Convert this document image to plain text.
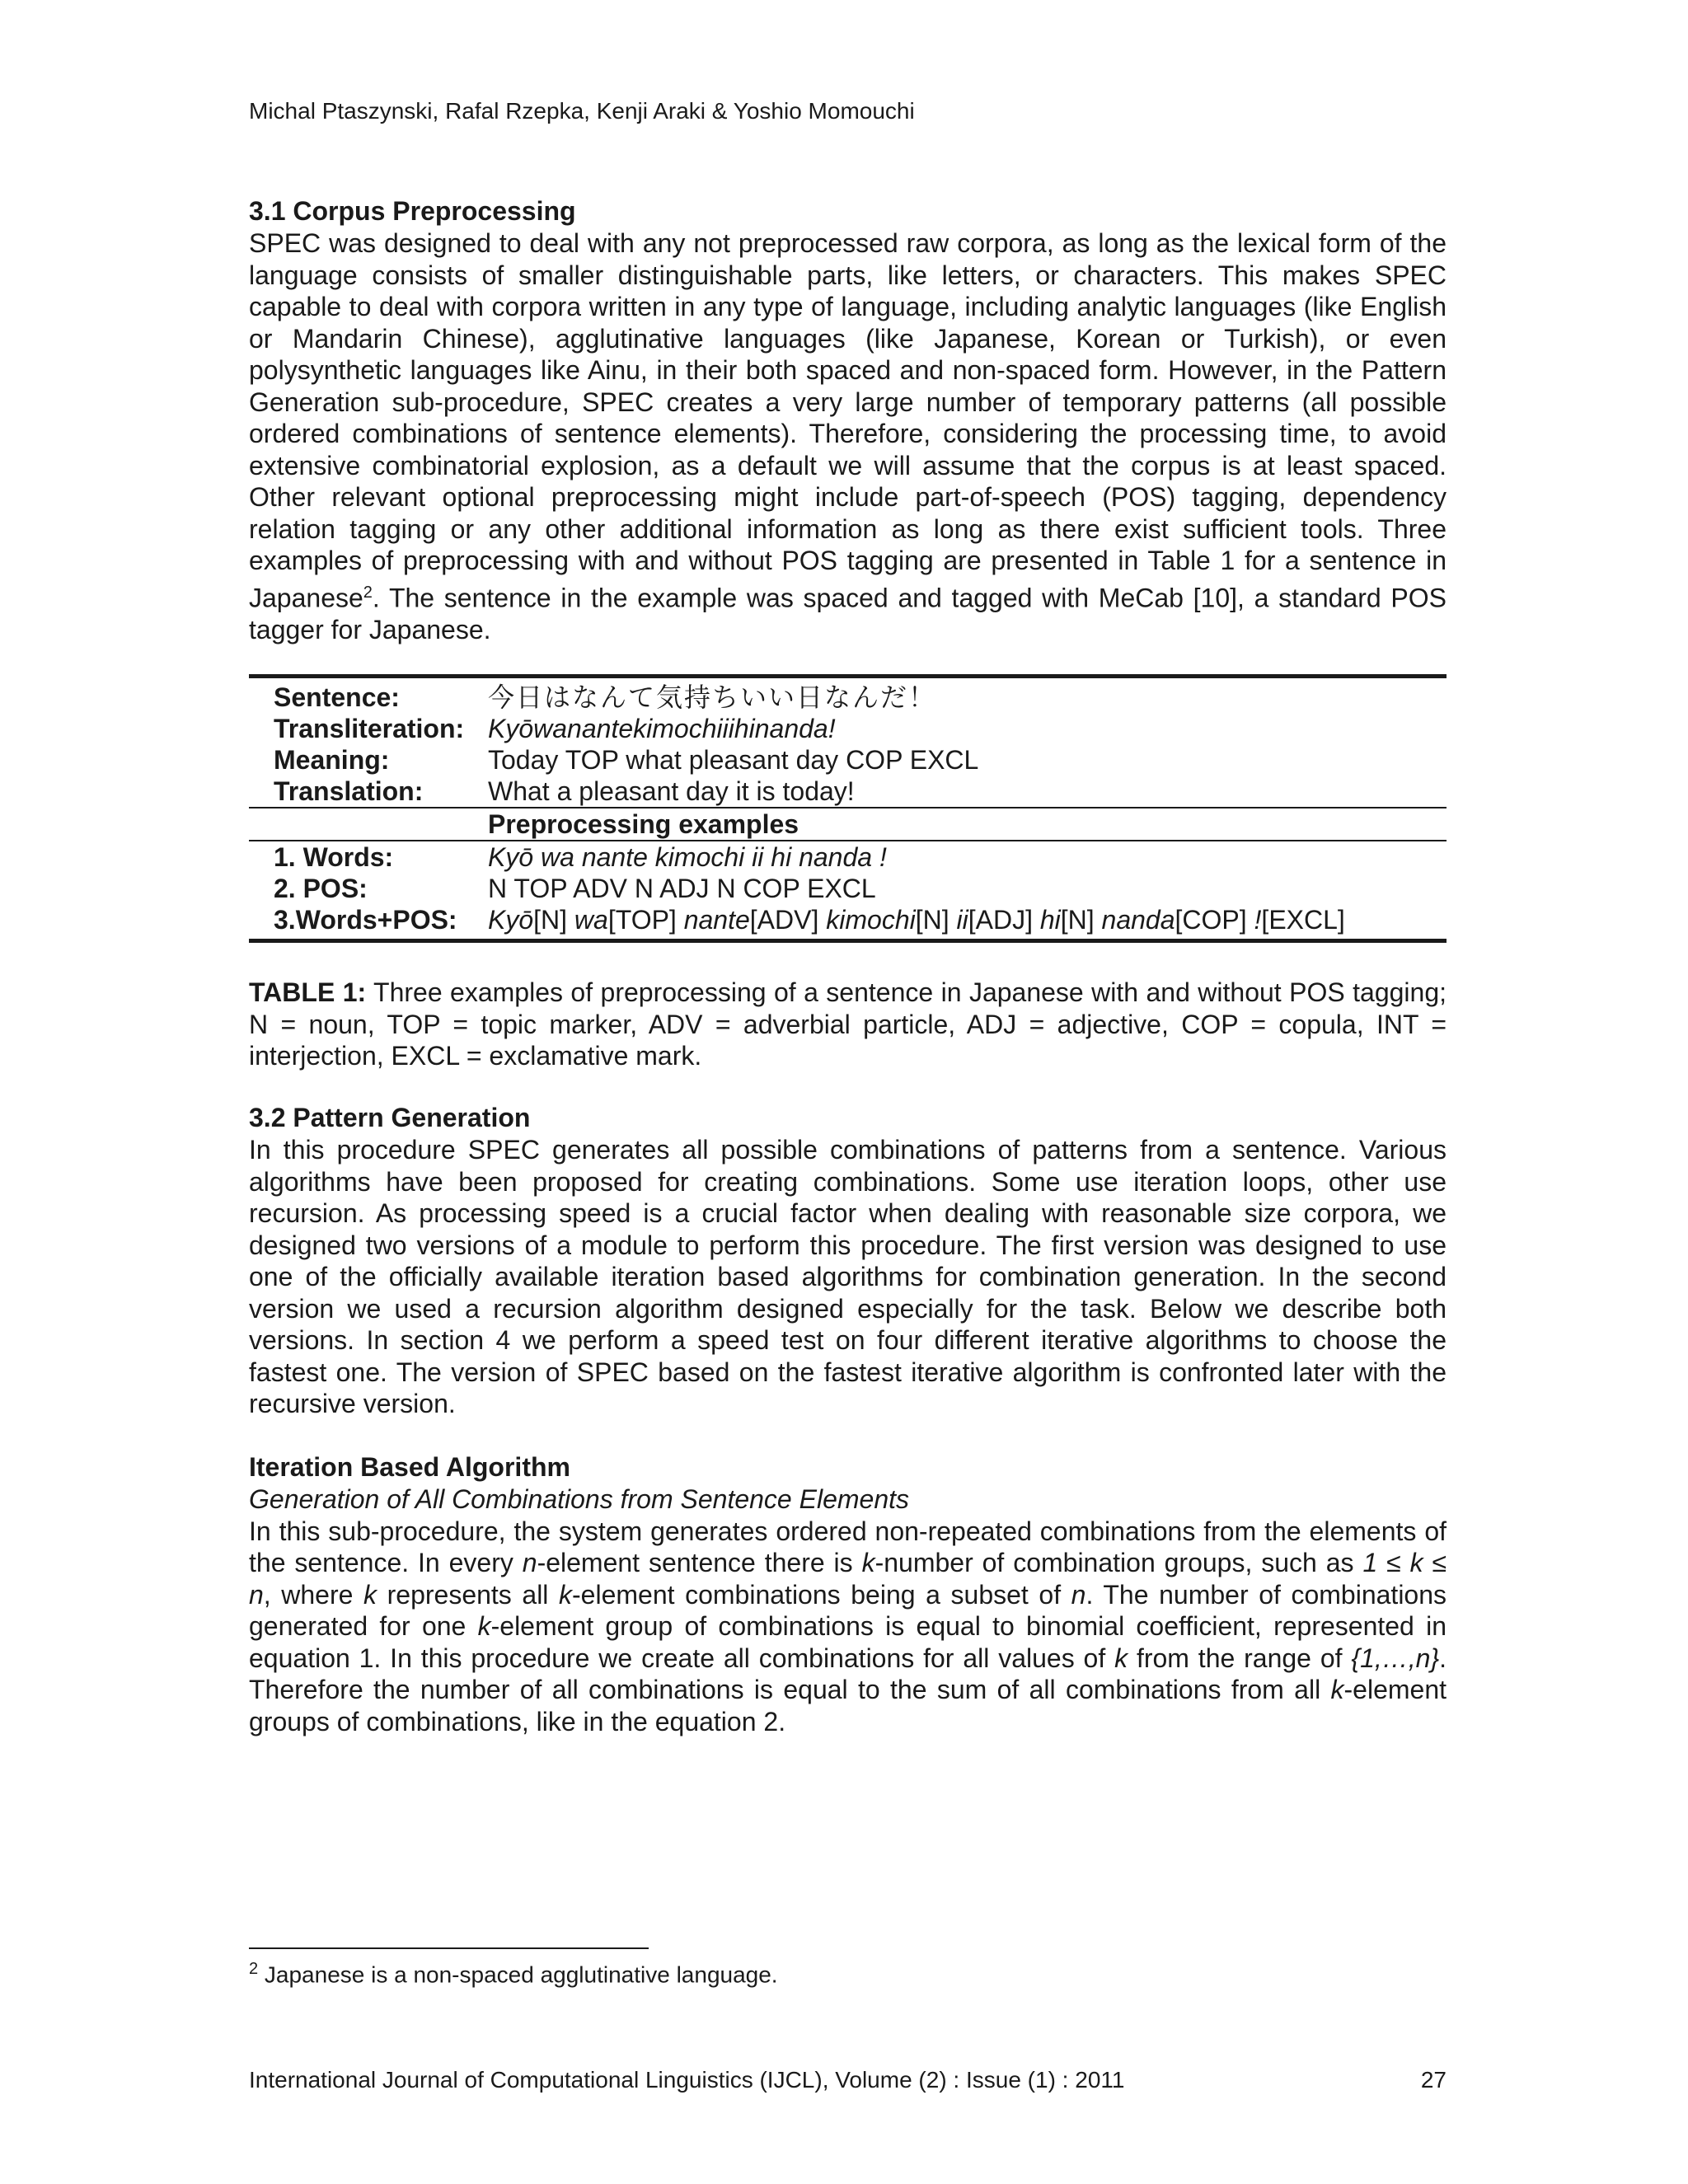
Michal Ptaszynski, Rafal Rzepka, Kenji Araki & Yoshio Momouchi

3.1 Corpus Preprocessing

SPEC was designed to deal with any not preprocessed raw corpora, as long as the lexical form of the language consists of smaller distinguishable parts, like letters, or characters. This makes SPEC capable to deal with corpora written in any type of language, including analytic languages (like English or Mandarin Chinese), agglutinative languages (like Japanese, Korean or Turkish), or even polysynthetic languages like Ainu, in their both spaced and non-spaced form. However, in the Pattern Generation sub-procedure, SPEC creates a very large number of temporary patterns (all possible ordered combinations of sentence elements). Therefore, considering the processing time, to avoid extensive combinatorial explosion, as a default we will assume that the corpus is at least spaced. Other relevant optional preprocessing might include part-of-speech (POS) tagging, dependency relation tagging or any other additional information as long as there exist sufficient tools. Three examples of preprocessing with and without POS tagging are presented in Table 1 for a sentence in Japanese$^2$. The sentence in the example was spaced and tagged with MeCab [10], a standard POS tagger for Japanese.

Sentence:	今日はなんて気持ちいい日なんだ！
Transliteration:	Kyōwanantekimochiiihinanda!
Meaning:	Today TOP what pleasant day COP EXCL
Translation:	What a pleasant day it is today!
	Preprocessing examples
1. Words:	Kyō wa nante kimochi ii hi nanda !
2. POS:	N TOP ADV N ADJ N COP EXCL
3.Words+POS:	Kyō[N] wa[TOP] nante[ADV] kimochi[N] ii[ADJ] hi[N] nanda[COP] ![EXCL]

TABLE 1: Three examples of preprocessing of a sentence in Japanese with and without POS tagging; N = noun, TOP = topic marker, ADV = adverbial particle, ADJ = adjective, COP = copula, INT = interjection, EXCL = exclamative mark.

3.2 Pattern Generation

In this procedure SPEC generates all possible combinations of patterns from a sentence. Various algorithms have been proposed for creating combinations. Some use iteration loops, other use recursion. As processing speed is a crucial factor when dealing with reasonable size corpora, we designed two versions of a module to perform this procedure. The first version was designed to use one of the officially available iteration based algorithms for combination generation. In the second version we used a recursion algorithm designed especially for the task. Below we describe both versions. In section 4 we perform a speed test on four different iterative algorithms to choose the fastest one. The version of SPEC based on the fastest iterative algorithm is confronted later with the recursive version.

Iteration Based Algorithm

Generation of All Combinations from Sentence Elements

In this sub-procedure, the system generates ordered non-repeated combinations from the elements of the sentence. In every n-element sentence there is k-number of combination groups, such as 1 ≤ k ≤ n, where k represents all k-element combinations being a subset of n. The number of combinations generated for one k-element group of combinations is equal to binomial coefficient, represented in equation 1. In this procedure we create all combinations for all values of k from the range of {1,…,n}. Therefore the number of all combinations is equal to the sum of all combinations from all k-element groups of combinations, like in the equation 2.

$^2$ Japanese is a non-spaced agglutinative language.
International Journal of Computational Linguistics (IJCL), Volume (2) : Issue (1) : 2011	27
